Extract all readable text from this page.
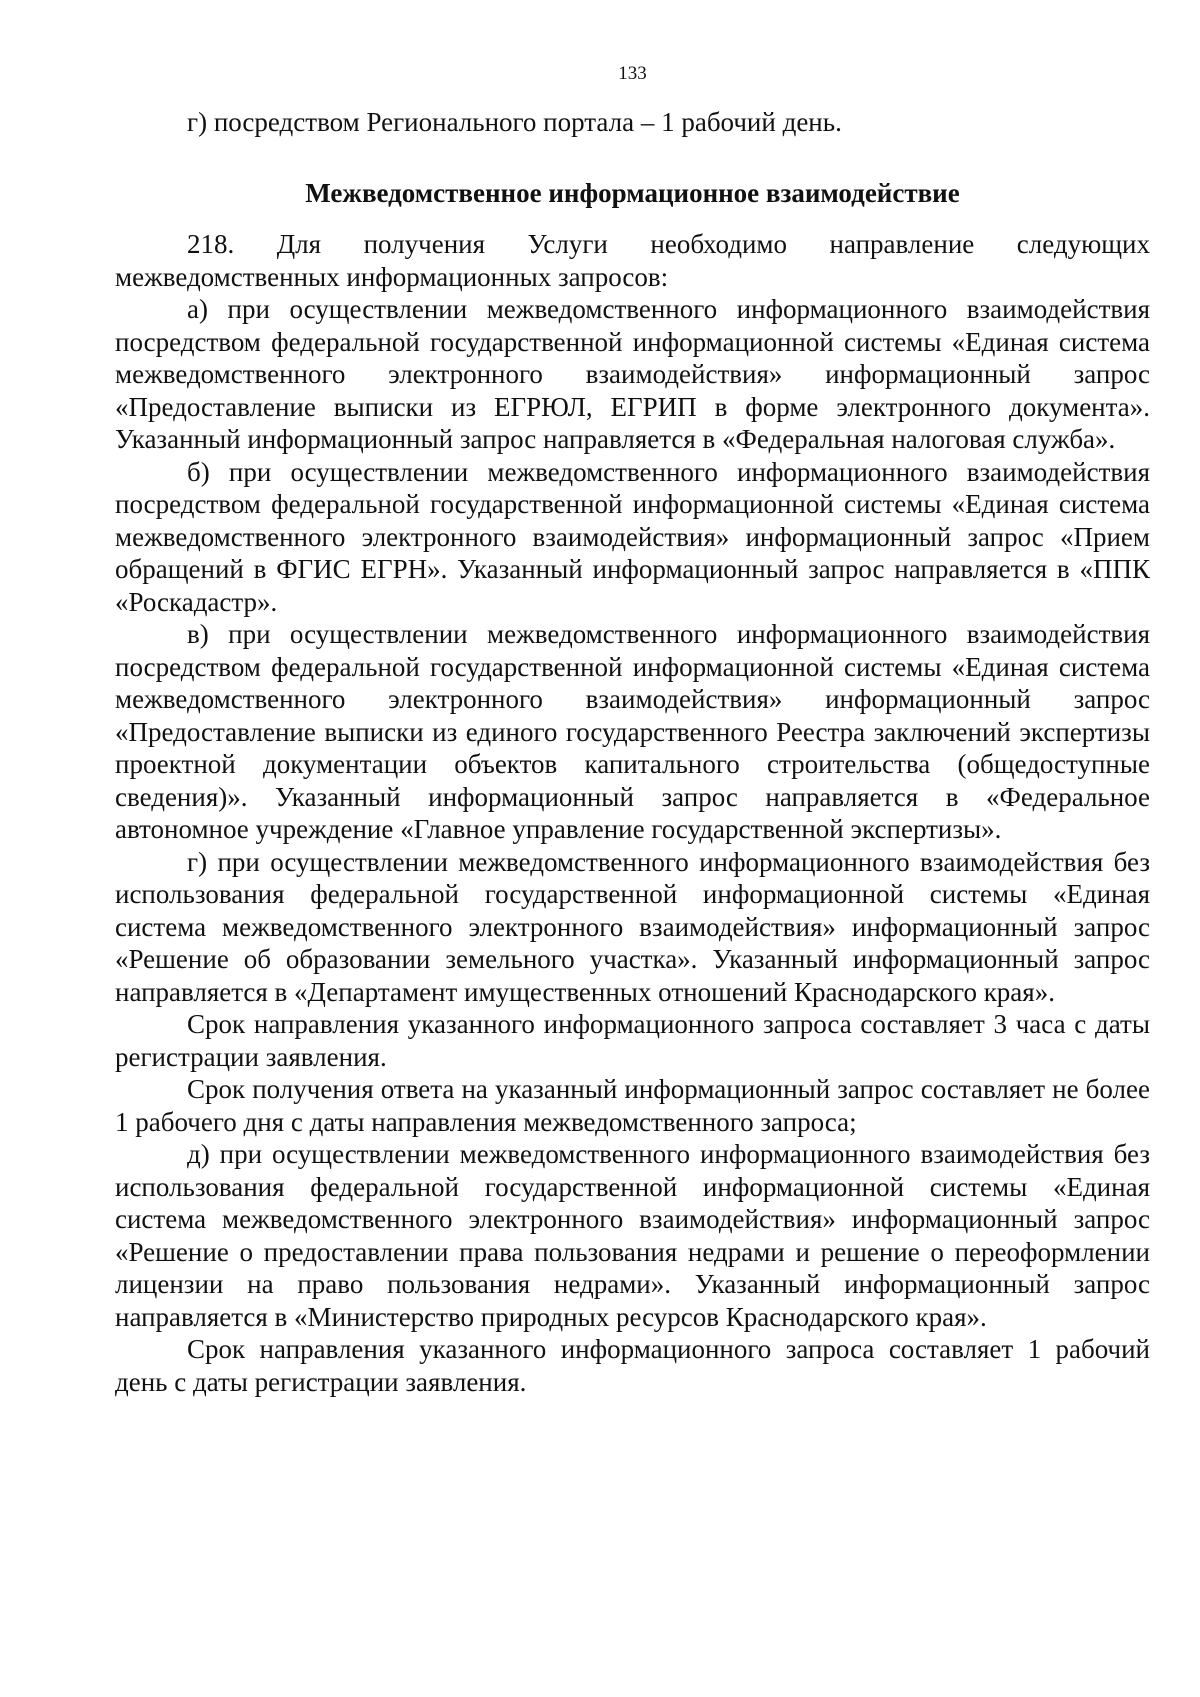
133

г) посредством Регионального портала – 1 рабочий день.

Межведомственное информационное взаимодействие

218. Для получения Услуги необходимо направление следующих межведомственных информационных запросов:

а) при осуществлении межведомственного информационного взаимодействия посредством федеральной государственной информационной системы «Единая система межведомственного электронного взаимодействия» информационный запрос «Предоставление выписки из ЕГРЮЛ, ЕГРИП в форме электронного документа». Указанный информационный запрос направляется в «Федеральная налоговая служба».

б) при осуществлении межведомственного информационного взаимодействия посредством федеральной государственной информационной системы «Единая система межведомственного электронного взаимодействия» информационный запрос «Прием обращений в ФГИС ЕГРН». Указанный информационный запрос направляется в «ППК «Роскадастр».

в) при осуществлении межведомственного информационного взаимодействия посредством федеральной государственной информационной системы «Единая система межведомственного электронного взаимодействия» информационный запрос «Предоставление выписки из единого государственного Реестра заключений экспертизы проектной документации объектов капитального строительства (общедоступные сведения)». Указанный информационный запрос направляется в «Федеральное автономное учреждение «Главное управление государственной экспертизы».

г) при осуществлении межведомственного информационного взаимодействия без использования федеральной государственной информационной системы «Единая система межведомственного электронного взаимодействия» информационный запрос «Решение об образовании земельного участка». Указанный информационный запрос направляется в «Департамент имущественных отношений Краснодарского края».

Срок направления указанного информационного запроса составляет 3 часа с даты регистрации заявления.

Срок получения ответа на указанный информационный запрос составляет не более 1 рабочего дня с даты направления межведомственного запроса;

д) при осуществлении межведомственного информационного взаимодействия без использования федеральной государственной информационной системы «Единая система межведомственного электронного взаимодействия» информационный запрос «Решение о предоставлении права пользования недрами и решение о переоформлении лицензии на право пользования недрами». Указанный информационный запрос направляется в «Министерство природных ресурсов Краснодарского края».

Срок направления указанного информационного запроса составляет 1 рабочий день с даты регистрации заявления.
